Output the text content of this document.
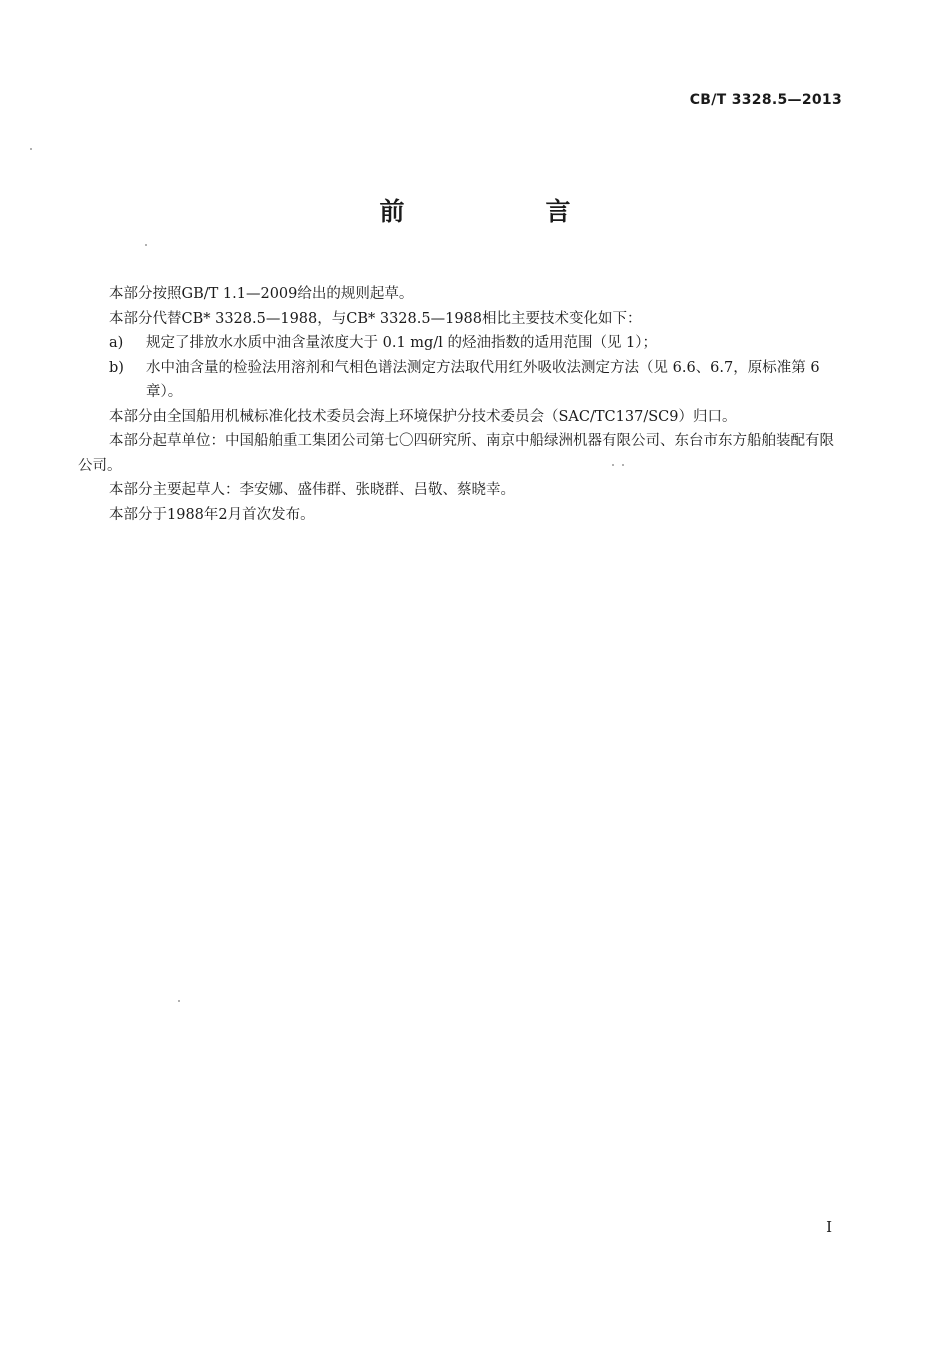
CB/T 3328.5—2013
前　言

本部分按照GB/T 1.1—2009给出的规则起草。

本部分代替CB* 3328.5—1988，与CB* 3328.5—1988相比主要技术变化如下：

a)	规定了排放水水质中油含量浓度大于 0.1 mg/l 的烃油指数的适用范围（见 1）；
b)	水中油含量的检验法用溶剂和气相色谱法测定方法取代用红外吸收法测定方法（见 6.6、6.7，原标准第 6 章）。

本部分由全国船用机械标准化技术委员会海上环境保护分技术委员会（SAC/TC137/SC9）归口。

本部分起草单位：中国船舶重工集团公司第七〇四研究所、南京中船绿洲机器有限公司、东台市东方船舶装配有限公司。

本部分主要起草人：李安娜、盛伟群、张晓群、吕敬、蔡晓幸。

本部分于1988年2月首次发布。

I
